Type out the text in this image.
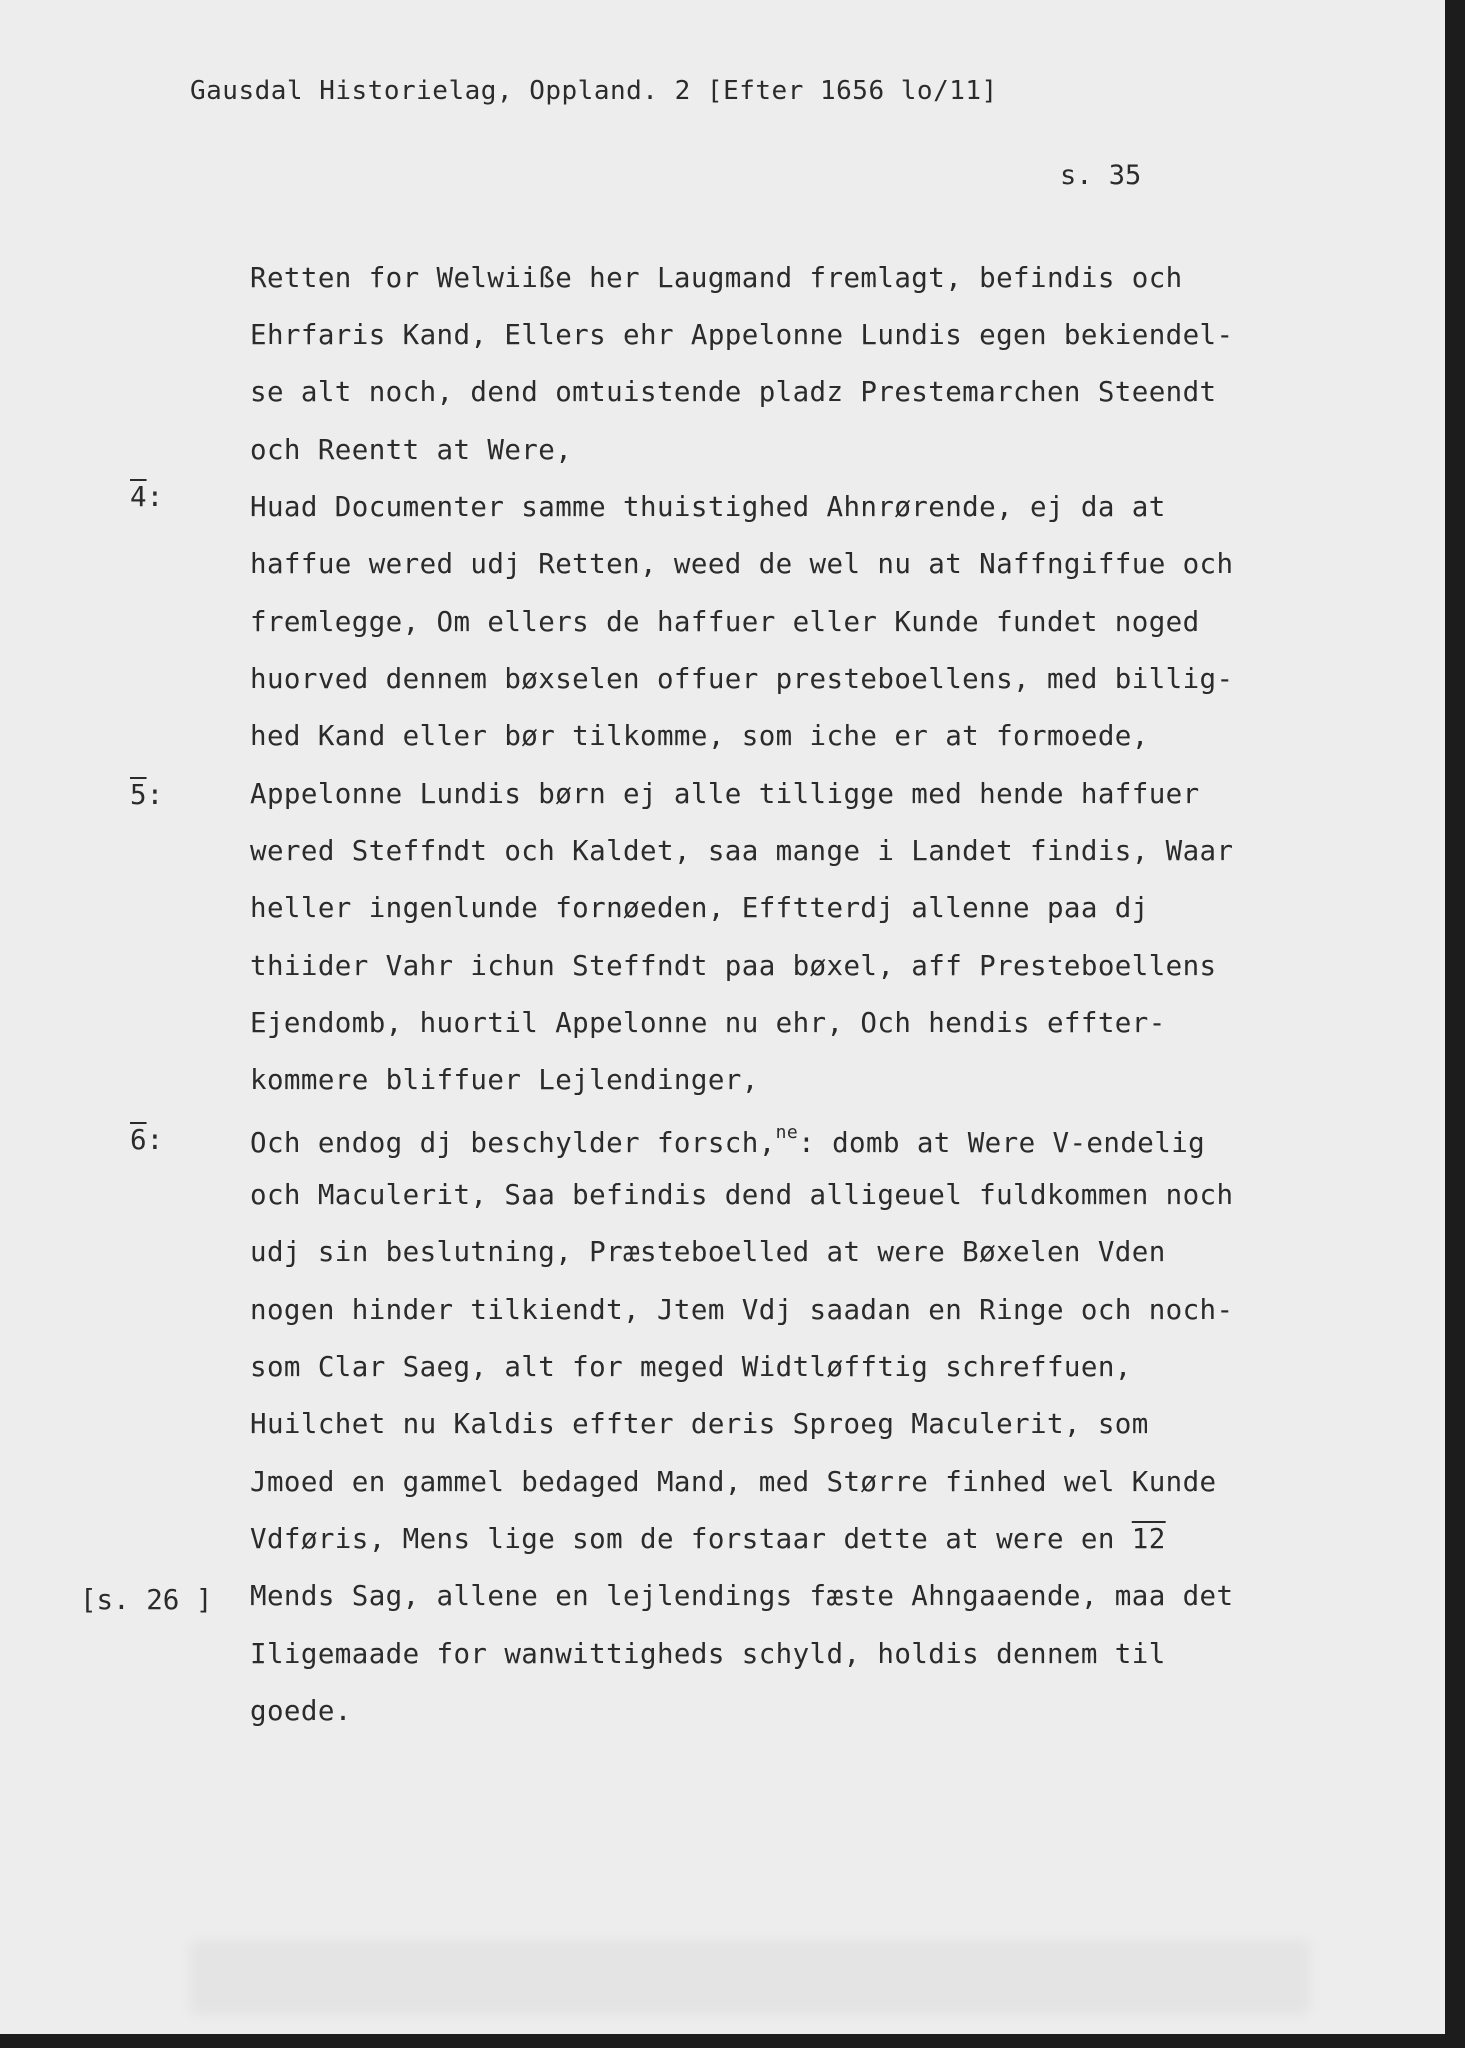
Gausdal Historielag, Oppland. 2 [Efter 1656 lo/11]
s. 35
4:
5:
6:
[s. 26 ]
Retten for Welwiiße her Laugmand fremlagt, befindis och
Ehrfaris Kand, Ellers ehr Appelonne Lundis egen bekiendel-
se alt noch, dend omtuistende pladz Prestemarchen Steendt
och Reentt at Were,
Huad Documenter samme thuistighed Ahnrørende, ej da at
haffue wered udj Retten, weed de wel nu at Naffngiffue och
fremlegge, Om ellers de haffuer eller Kunde fundet noged
huorved dennem bøxselen offuer presteboellens, med billig-
hed Kand eller bør tilkomme, som iche er at formoede,
Appelonne Lundis børn ej alle tilligge med hende haffuer
wered Steffndt och Kaldet, saa mange i Landet findis, Waar
heller ingenlunde fornøeden, Efftterdj allenne paa dj
thiider Vahr ichun Steffndt paa bøxel, aff Presteboellens
Ejendomb, huortil Appelonne nu ehr, Och hendis effter-
kommere bliffuer Lejlendinger,
Och endog dj beschylder forsch,$^{ne}$: domb at Were V-endelig
och Maculerit, Saa befindis dend alligeuel fuldkommen noch
udj sin beslutning, Præsteboelled at were Bøxelen Vden
nogen hinder tilkiendt, Jtem Vdj saadan en Ringe och noch-
som Clar Saeg, alt for meged Widtløfftig schreffuen,
Huilchet nu Kaldis effter deris Sproeg Maculerit, som
Jmoed en gammel bedaged Mand, med Større finhed wel Kunde
Vdføris, Mens lige som de forstaar dette at were en 12
Mends Sag, allene en lejlendings fæste Ahngaaende, maa det
Iligemaade for wanwittigheds schyld, holdis dennem til
goede.
